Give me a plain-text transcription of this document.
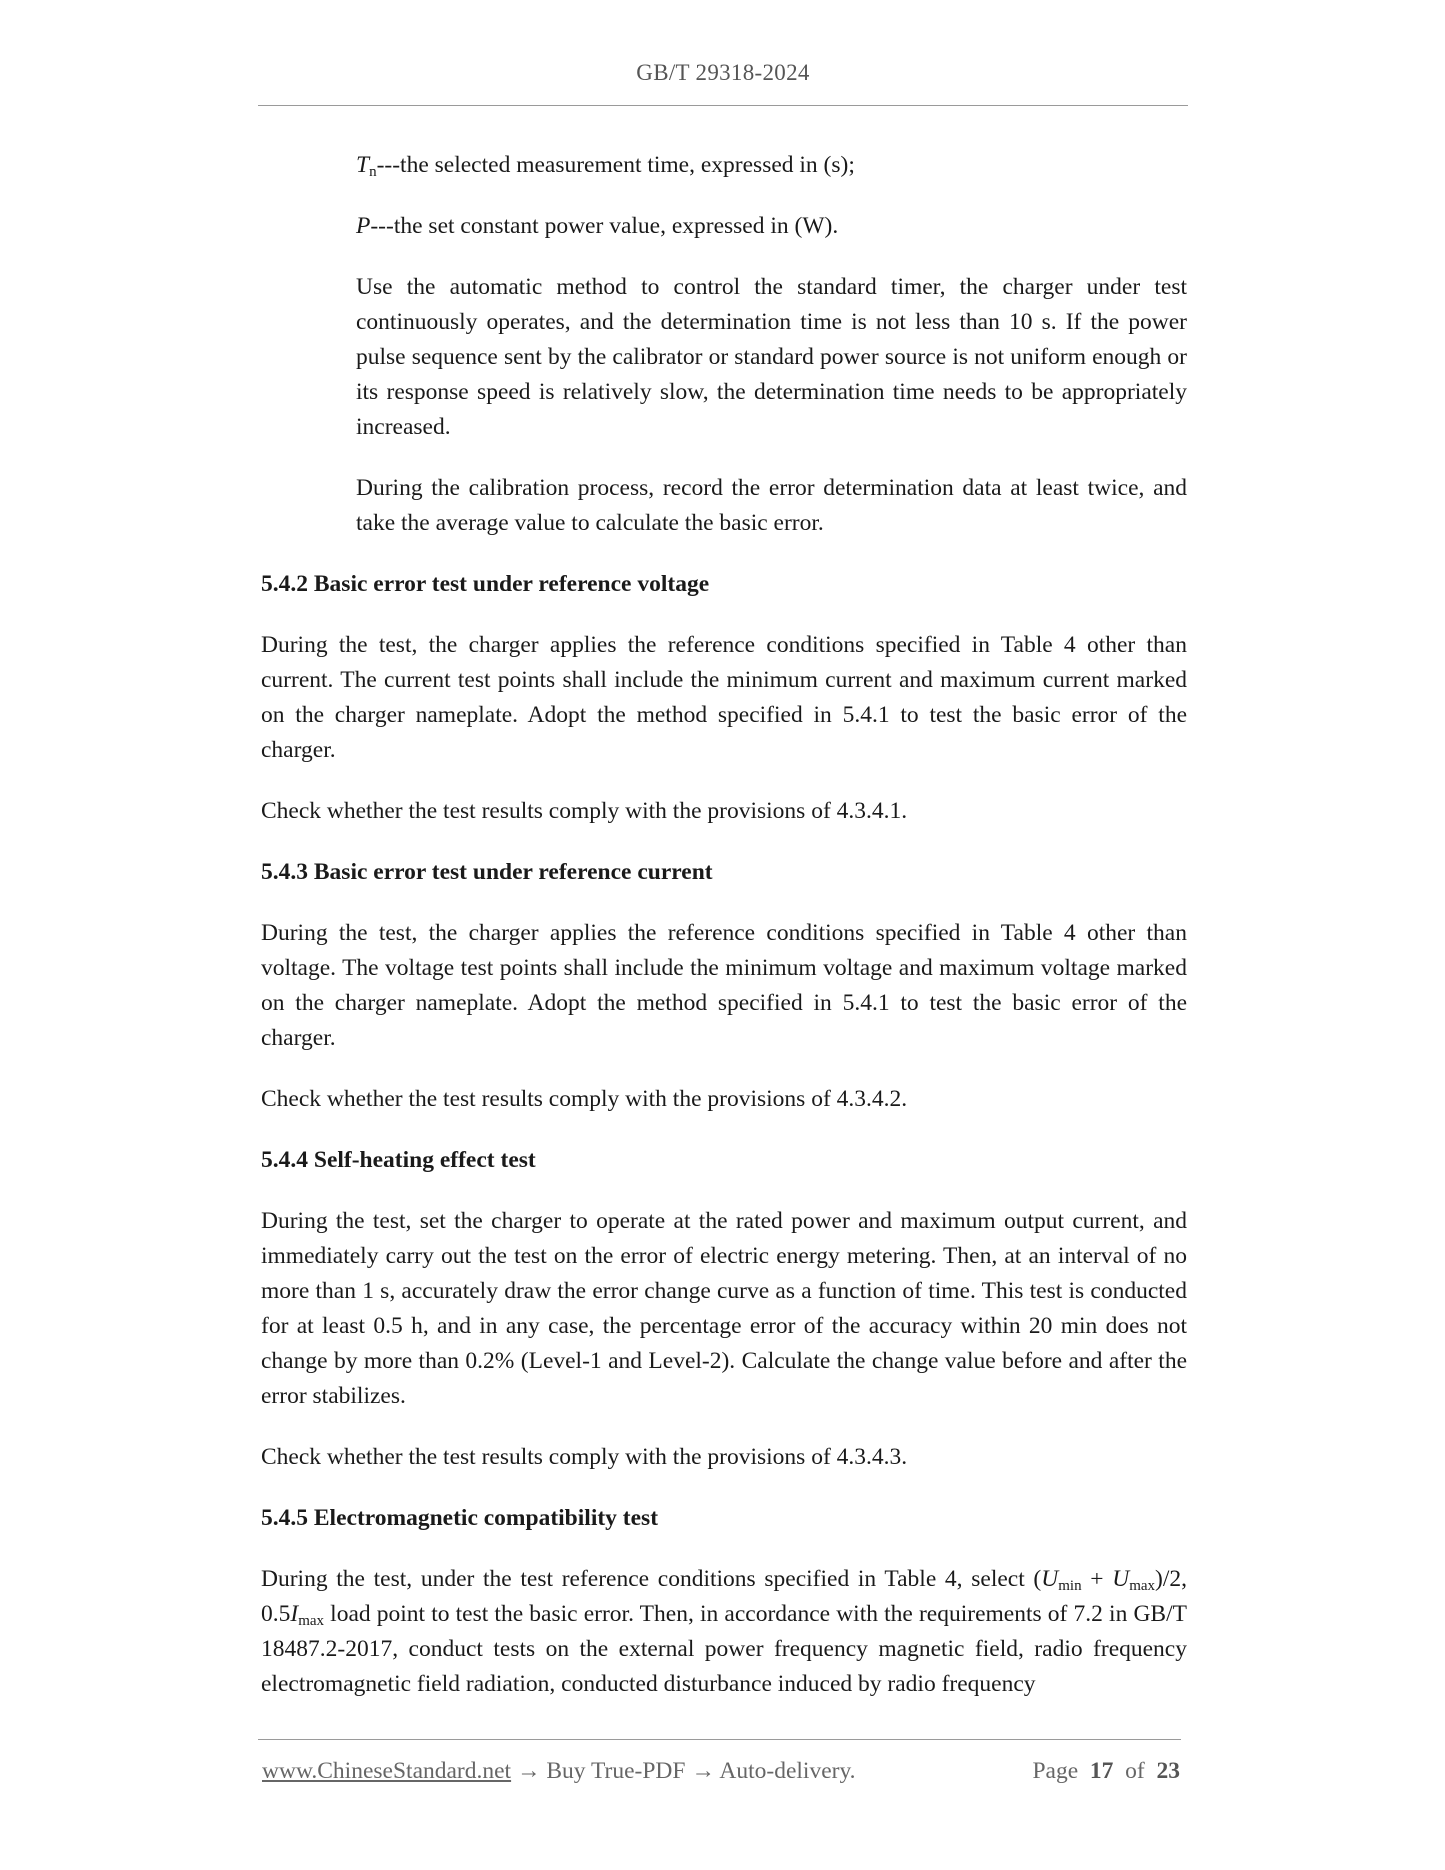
GB/T 29318-2024

$T_n--$-the selected measurement time, expressed in (s);

P---the set constant power value, expressed in (W).

Use the automatic method to control the standard timer, the charger under test continuously operates, and the determination time is not less than 10 s. If the power pulse sequence sent by the calibrator or standard power source is not uniform enough or its response speed is relatively slow, the determination time needs to be appropriately increased.

During the calibration process, record the error determination data at least twice, and take the average value to calculate the basic error.

5.4.2 Basic error test under reference voltage

During the test, the charger applies the reference conditions specified in Table 4 other than current. The current test points shall include the minimum current and maximum current marked on the charger nameplate. Adopt the method specified in 5.4.1 to test the basic error of the charger.

Check whether the test results comply with the provisions of 4.3.4.1.

5.4.3 Basic error test under reference current

During the test, the charger applies the reference conditions specified in Table 4 other than voltage. The voltage test points shall include the minimum voltage and maximum voltage marked on the charger nameplate. Adopt the method specified in 5.4.1 to test the basic error of the charger.

Check whether the test results comply with the provisions of 4.3.4.2.

5.4.4 Self-heating effect test

During the test, set the charger to operate at the rated power and maximum output current, and immediately carry out the test on the error of electric energy metering. Then, at an interval of no more than 1 s, accurately draw the error change curve as a function of time. This test is conducted for at least 0.5 h, and in any case, the percentage error of the accuracy within 20 min does not change by more than 0.2% (Level-1 and Level-2). Calculate the change value before and after the error stabilizes.

Check whether the test results comply with the provisions of 4.3.4.3.

5.4.5 Electromagnetic compatibility test

During the test, under the test reference conditions specified in Table 4, select $(U_{min} + U_{max})/2$, $0.5I_{max}$ load point to test the basic error. Then, in accordance with the requirements of 7.2 in GB/T 18487.2-2017, conduct tests on the external power frequency magnetic field, radio frequency electromagnetic field radiation, conducted disturbance induced by radio frequency

www.ChineseStandard.net → Buy True-PDF → Auto-delivery.	Page 17 of 23
